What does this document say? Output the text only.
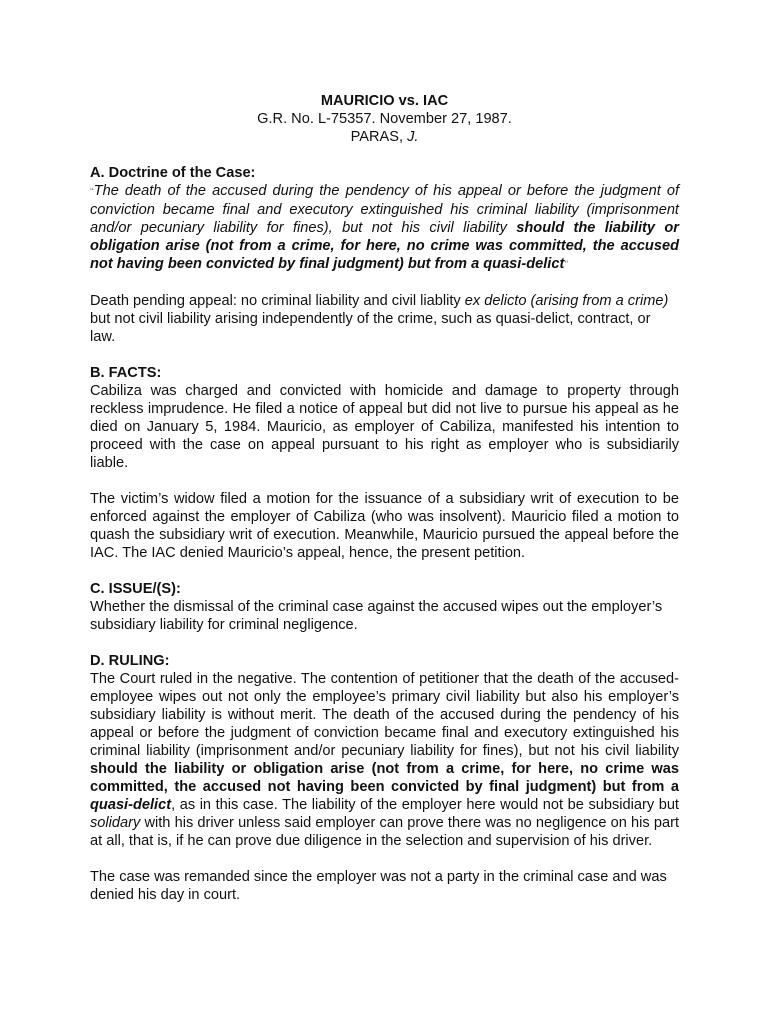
MAURICIO vs. IAC
G.R. No. L-75357. November 27, 1987.
PARAS, J.
A. Doctrine of the Case:

“The death of the accused during the pendency of his appeal or before the judgment of conviction became final and executory extinguished his criminal liability (imprisonment and/or pecuniary liability for fines), but not his civil liability should the liability or obligation arise (not from a crime, for here, no crime was committed, the accused not having been convicted by final judgment) but from a quasi-delict”

Death pending appeal: no criminal liability and civil liablity ex delicto (arising from a crime) but not civil liability arising independently of the crime, such as quasi-delict, contract, or law.

B. FACTS:

Cabiliza was charged and convicted with homicide and damage to property through reckless imprudence. He filed a notice of appeal but did not live to pursue his appeal as he died on January 5, 1984. Mauricio, as employer of Cabiliza, manifested his intention to proceed with the case on appeal pursuant to his right as employer who is subsidiarily liable.

The victim’s widow filed a motion for the issuance of a subsidiary writ of execution to be enforced against the employer of Cabiliza (who was insolvent). Mauricio filed a motion to quash the subsidiary writ of execution. Meanwhile, Mauricio pursued the appeal before the IAC. The IAC denied Mauricio’s appeal, hence, the present petition.

C. ISSUE/(S):

Whether the dismissal of the criminal case against the accused wipes out the employer’s subsidiary liability for criminal negligence.

D. RULING:

The Court ruled in the negative. The contention of petitioner that the death of the accused-employee wipes out not only the employee’s primary civil liability but also his employer’s subsidiary liability is without merit. The death of the accused during the pendency of his appeal or before the judgment of conviction became final and executory extinguished his criminal liability (imprisonment and/or pecuniary liability for fines), but not his civil liability should the liability or obligation arise (not from a crime, for here, no crime was committed, the accused not having been convicted by final judgment) but from a quasi-delict, as in this case. The liability of the employer here would not be subsidiary but solidary with his driver unless said employer can prove there was no negligence on his part at all, that is, if he can prove due diligence in the selection and supervision of his driver.

The case was remanded since the employer was not a party in the criminal case and was denied his day in court.
